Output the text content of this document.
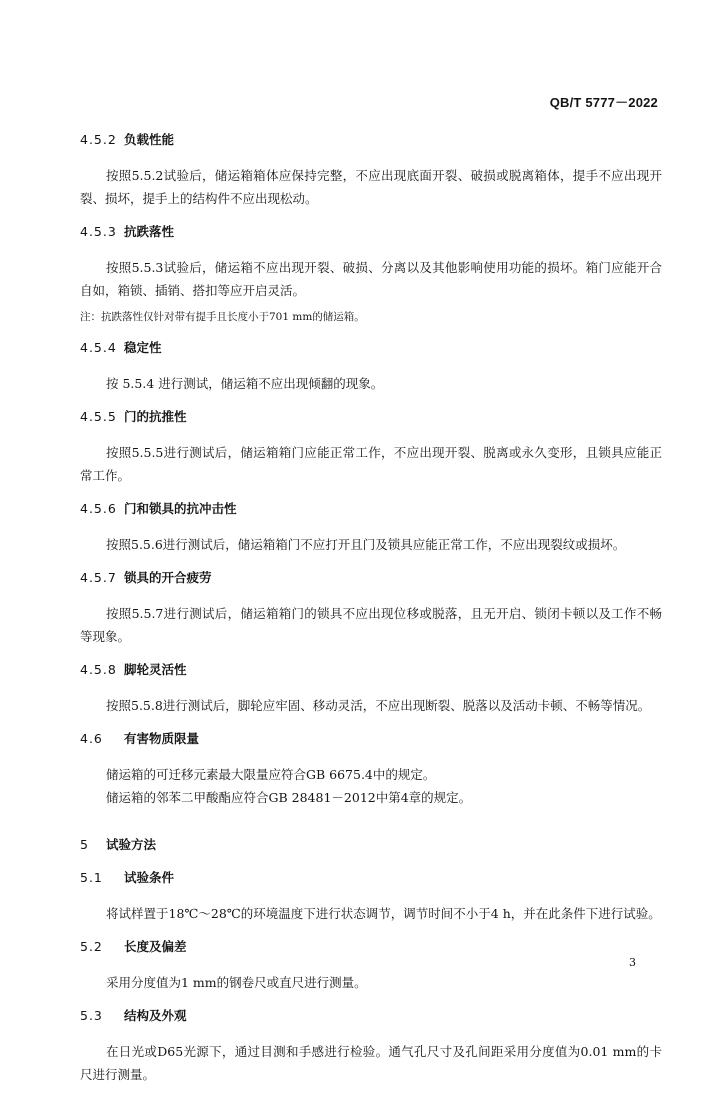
QB/T 5777－2022
4.5.2 负载性能

按照5.5.2试验后，储运箱箱体应保持完整，不应出现底面开裂、破损或脱离箱体，提手不应出现开裂、损坏，提手上的结构件不应出现松动。

4.5.3 抗跌落性

按照5.5.3试验后，储运箱不应出现开裂、破损、分离以及其他影响使用功能的损坏。箱门应能开合自如，箱锁、插销、搭扣等应开启灵活。

注：抗跌落性仅针对带有提手且长度小于701 mm的储运箱。

4.5.4 稳定性

按 5.5.4 进行测试，储运箱不应出现倾翻的现象。

4.5.5 门的抗推性

按照5.5.5进行测试后，储运箱箱门应能正常工作，不应出现开裂、脱离或永久变形，且锁具应能正常工作。

4.5.6 门和锁具的抗冲击性

按照5.5.6进行测试后，储运箱箱门不应打开且门及锁具应能正常工作，不应出现裂纹或损坏。

4.5.7 锁具的开合疲劳

按照5.5.7进行测试后，储运箱箱门的锁具不应出现位移或脱落，且无开启、锁闭卡顿以及工作不畅等现象。

4.5.8 脚轮灵活性

按照5.5.8进行测试后，脚轮应牢固、移动灵活，不应出现断裂、脱落以及活动卡顿、不畅等情况。

4.6 有害物质限量

储运箱的可迁移元素最大限量应符合GB 6675.4中的规定。

储运箱的邻苯二甲酸酯应符合GB 28481－2012中第4章的规定。

5 试验方法
5.1 试验条件

将试样置于18℃～28℃的环境温度下进行状态调节，调节时间不小于4 h，并在此条件下进行试验。

5.2 长度及偏差

采用分度值为1 mm的钢卷尺或直尺进行测量。

5.3 结构及外观

在日光或D65光源下，通过目测和手感进行检验。通气孔尺寸及孔间距采用分度值为0.01 mm的卡尺进行测量。

3
